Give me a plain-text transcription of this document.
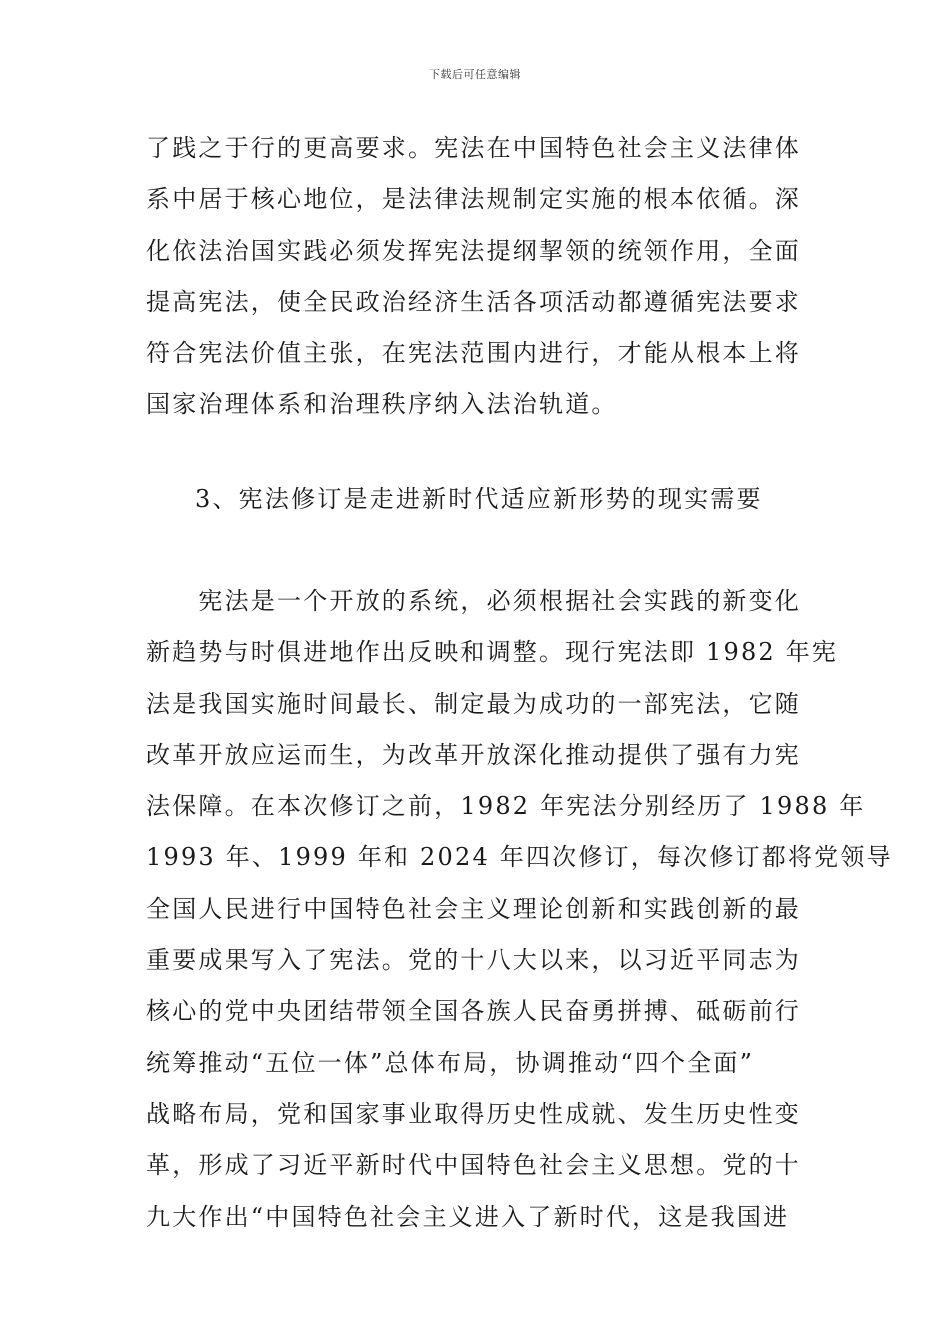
下载后可任意编辑
了践之于行的更高要求。宪法在中国特色社会主义法律体
系中居于核心地位，是法律法规制定实施的根本依循。深
化依法治国实践必须发挥宪法提纲挈领的统领作用，全面
提高宪法，使全民政治经济生活各项活动都遵循宪法要求
符合宪法价值主张，在宪法范围内进行，才能从根本上将
国家治理体系和治理秩序纳入法治轨道。
3、宪法修订是走进新时代适应新形势的现实需要
　　宪法是一个开放的系统，必须根据社会实践的新变化
新趋势与时俱进地作出反映和调整。现行宪法即 1982 年宪
法是我国实施时间最长、制定最为成功的一部宪法，它随
改革开放应运而生，为改革开放深化推动提供了强有力宪
法保障。在本次修订之前，1982 年宪法分别经历了 1988 年
1993 年、1999 年和 2024 年四次修订，每次修订都将党领导
全国人民进行中国特色社会主义理论创新和实践创新的最
重要成果写入了宪法。党的十八大以来，以习近平同志为
核心的党中央团结带领全国各族人民奋勇拼搏、砥砺前行
统筹推动“五位一体”总体布局，协调推动“四个全面”
战略布局，党和国家事业取得历史性成就、发生历史性变
革，形成了习近平新时代中国特色社会主义思想。党的十
九大作出“中国特色社会主义进入了新时代，这是我国进
